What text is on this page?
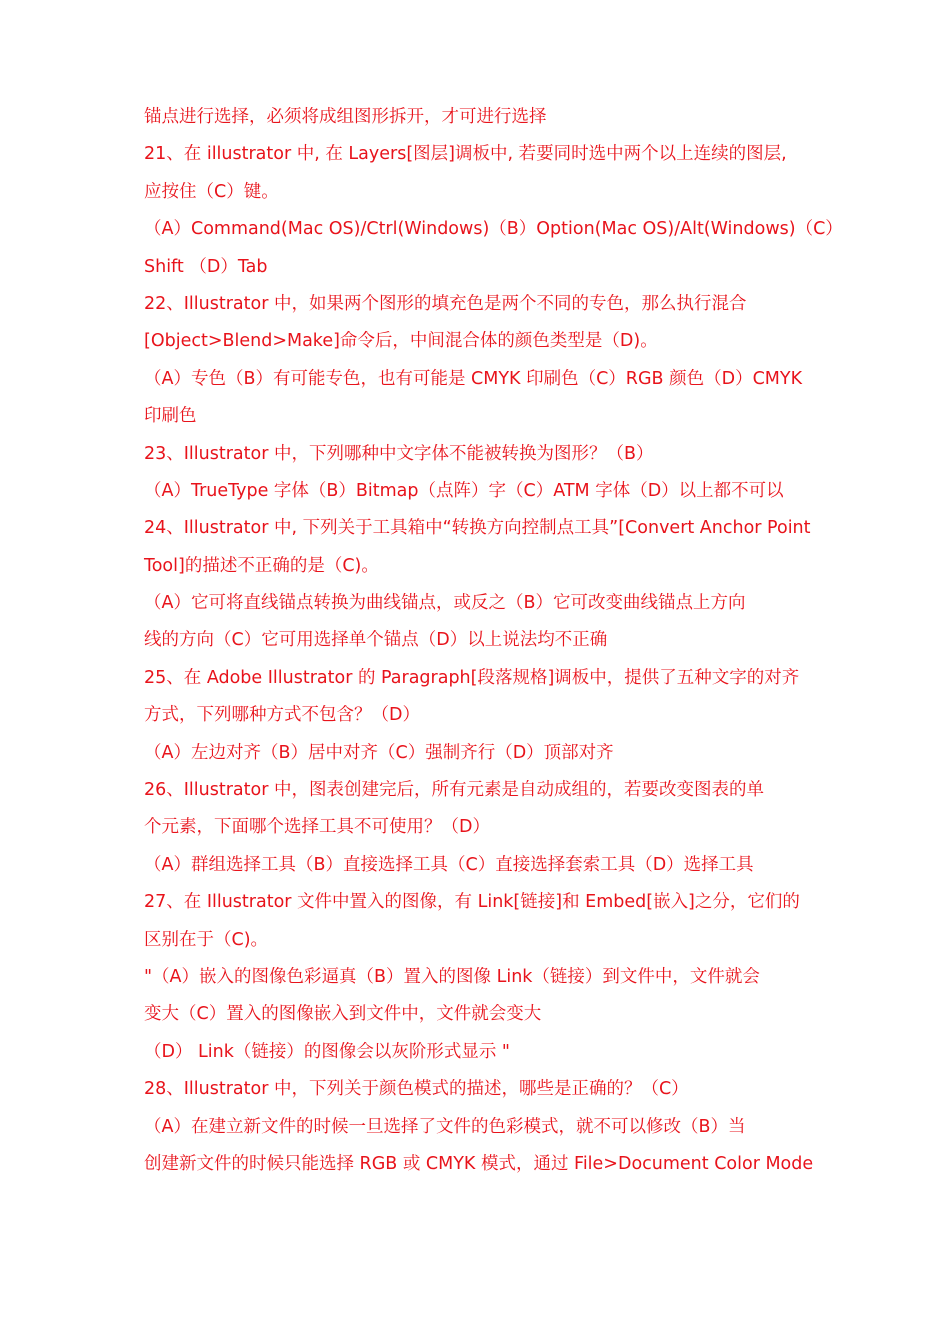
锚点进行选择，必须将成组图形拆开，才可进行选择
21、在 illustrator 中, 在 Layers[图层]调板中, 若要同时选中两个以上连续的图层,
应按住（C）键。
（A）Command(Mac OS)/Ctrl(Windows)（B）Option(Mac OS)/Alt(Windows)（C）
Shift （D）Tab
22、Illustrator 中，如果两个图形的填充色是两个不同的专色，那么执行混合
[Object>Blend>Make]命令后，中间混合体的颜色类型是（D)。
（A）专色（B）有可能专色，也有可能是 CMYK 印刷色（C）RGB 颜色（D）CMYK
印刷色
23、Illustrator 中，下列哪种中文字体不能被转换为图形？（B）
（A）TrueType 字体（B）Bitmap（点阵）字（C）ATM 字体（D）以上都不可以
24、Illustrator 中, 下列关于工具箱中“转换方向控制点工具”[Convert Anchor Point
Tool]的描述不正确的是（C)。
（A）它可将直线锚点转换为曲线锚点，或反之（B）它可改变曲线锚点上方向
线的方向（C）它可用选择单个锚点（D）以上说法均不正确
25、在 Adobe Illustrator 的 Paragraph[段落规格]调板中，提供了五种文字的对齐
方式，下列哪种方式不包含？（D）
（A）左边对齐（B）居中对齐（C）强制齐行（D）顶部对齐
26、Illustrator 中，图表创建完后，所有元素是自动成组的，若要改变图表的单
个元素，下面哪个选择工具不可使用？（D）
（A）群组选择工具（B）直接选择工具（C）直接选择套索工具（D）选择工具
27、在 Illustrator 文件中置入的图像，有 Link[链接]和 Embed[嵌入]之分，它们的
区别在于（C)。
"（A）嵌入的图像色彩逼真（B）置入的图像 Link（链接）到文件中，文件就会
变大（C）置入的图像嵌入到文件中，文件就会变大
（D） Link（链接）的图像会以灰阶形式显示 "
28、Illustrator 中，下列关于颜色模式的描述，哪些是正确的？（C）
（A）在建立新文件的时候一旦选择了文件的色彩模式，就不可以修改（B）当
创建新文件的时候只能选择 RGB 或 CMYK 模式，通过 File>Document Color Mode
